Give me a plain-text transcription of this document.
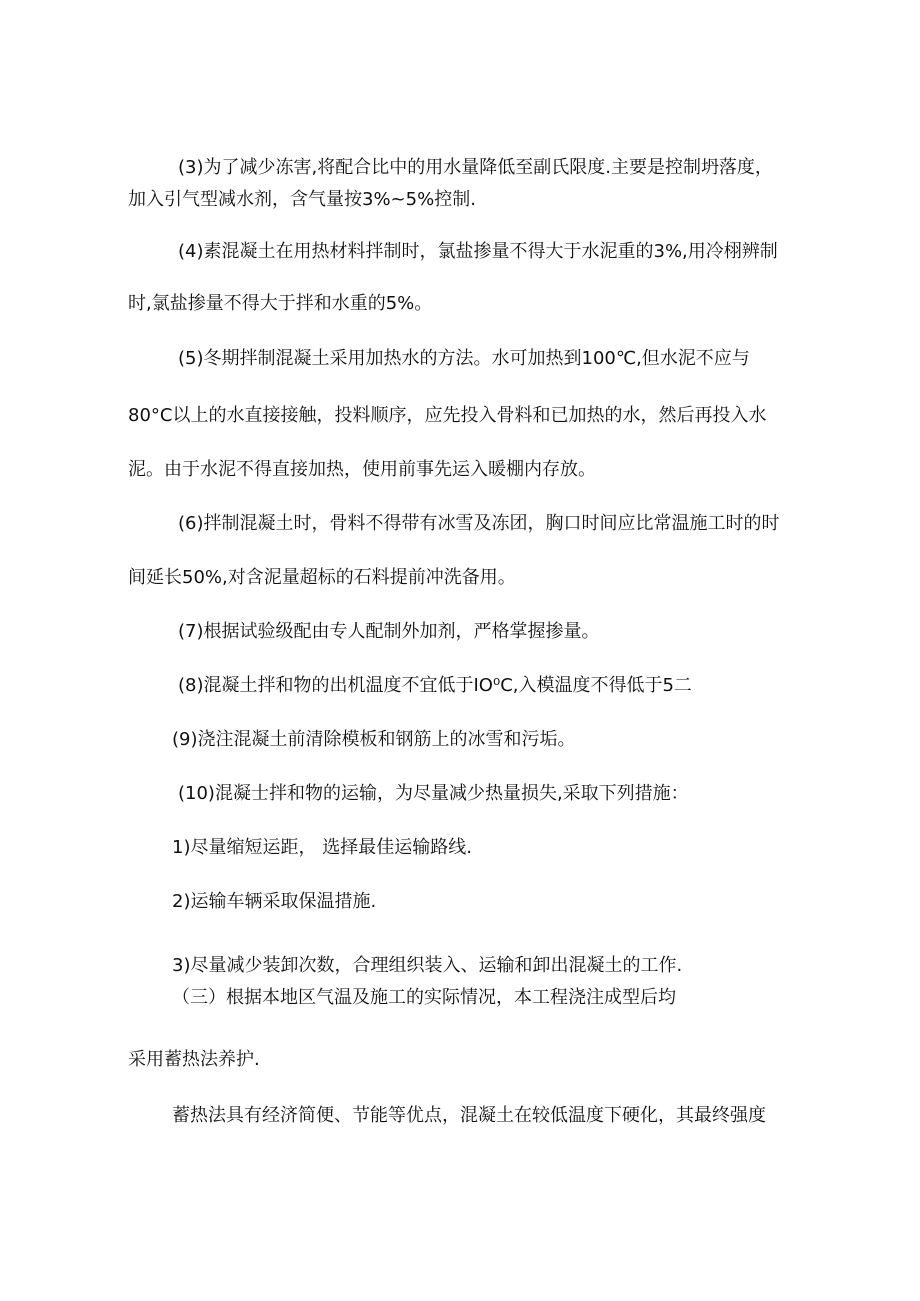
(3)为了减少冻害,将配合比中的用水量降低至副氏限度.主要是控制坍落度，

加入引气型减水剂，含气量按3%~5%控制.

(4)素混凝土在用热材料拌制时，氯盐掺量不得大于水泥重的3%,用冷栩辨制

时,氯盐掺量不得大于拌和水重的5%。

(5)冬期拌制混凝土采用加热水的方法。水可加热到100℃,但水泥不应与

80°C以上的水直接接触，投料顺序，应先投入骨料和已加热的水，然后再投入水

泥。由于水泥不得直接加热，使用前事先运入暖棚内存放。

(6)拌制混凝土时，骨料不得带有冰雪及冻团，胸口时间应比常温施工时的时

间延长50%,对含泥量超标的石料提前冲洗备用。

(7)根据试验级配由专人配制外加剂，严格掌握掺量。

(8)混凝土拌和物的出机温度不宜低于IO⁰C,入模温度不得低于5二

(9)浇注混凝土前清除模板和钢筋上的冰雪和污垢。

(10)混凝士拌和物的运输，为尽量减少热量损失,采取下列措施：

1)尽量缩短运距， 选择最佳运输路线.

2)运输车辆采取保温措施.

3)尽量减少装卸次数，合理组织装入、运输和卸出混凝土的工作.

（三）根据本地区气温及施工的实际情况，本工程浇注成型后均

采用蓄热法养护.

蓄热法具有经济简便、节能等优点，混凝土在较低温度下硬化，其最终强度
